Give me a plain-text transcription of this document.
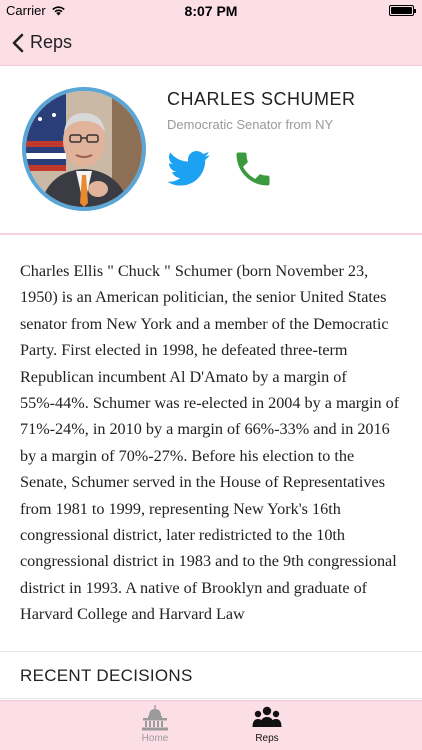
Carrier	8:07 PM
Reps
CHARLES SCHUMER
Democratic Senator from NY
Charles Ellis " Chuck " Schumer (born November 23, 1950) is an American politician, the senior United States senator from New York and a member of the Democratic Party. First elected in 1998, he defeated three-term Republican incumbent Al D'Amato by a margin of 55%-44%. Schumer was re-elected in 2004 by a margin of 71%-24%, in 2010 by a margin of 66%-33% and in 2016 by a margin of 70%-27%. Before his election to the Senate, Schumer served in the House of Representatives from 1981 to 1999, representing New York's 16th congressional district, later redistricted to the 10th congressional district in 1983 and to the 9th congressional district in 1993. A native of Brooklyn and graduate of Harvard College and Harvard Law
RECENT DECISIONS
Home	Reps
